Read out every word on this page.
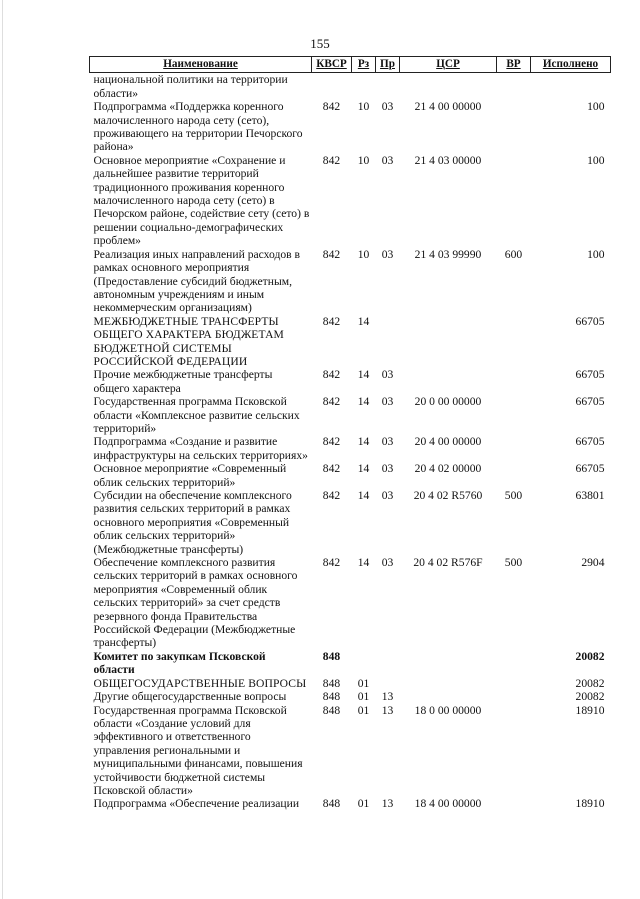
155
Наименование	КВСР	Рз	Пр	ЦСР	ВР	Исполнено
национальной политики на территории области»						
Подпрограмма «Поддержка коренного малочисленного народа сету (сето), проживающего на территории Печорского района»	842	10	03	21 4 00 00000		100
Основное мероприятие «Сохранение и дальнейшее развитие территорий традиционного проживания коренного малочисленного народа сету (сето) в Печорском районе, содействие сету (сето) в решении социально-демографических проблем»	842	10	03	21 4 03 00000		100
Реализация иных направлений расходов в рамках основного мероприятия (Предоставление субсидий бюджетным, автономным учреждениям и иным некоммерческим организациям)	842	10	03	21 4 03 99990	600	100
МЕЖБЮДЖЕТНЫЕ ТРАНСФЕРТЫ ОБЩЕГО ХАРАКТЕРА БЮДЖЕТАМ БЮДЖЕТНОЙ СИСТЕМЫ РОССИЙСКОЙ ФЕДЕРАЦИИ	842	14				66705
Прочие межбюджетные трансферты общего характера	842	14	03			66705
Государственная программа Псковской области «Комплексное развитие сельских территорий»	842	14	03	20 0 00 00000		66705
Подпрограмма «Создание и развитие инфраструктуры на сельских территориях»	842	14	03	20 4 00 00000		66705
Основное мероприятие «Современный облик сельских территорий»	842	14	03	20 4 02 00000		66705
Субсидии на обеспечение комплексного развития сельских территорий в рамках основного мероприятия «Современный облик сельских территорий» (Межбюджетные трансферты)	842	14	03	20 4 02 R5760	500	63801
Обеспечение комплексного развития сельских территорий в рамках основного мероприятия «Современный облик сельских территорий» за счет средств резервного фонда Правительства Российской Федерации (Межбюджетные трансферты)	842	14	03	20 4 02 R576F	500	2904
Комитет по закупкам Псковской области	848					20082
ОБЩЕГОСУДАРСТВЕННЫЕ ВОПРОСЫ	848	01				20082
Другие общегосударственные вопросы	848	01	13			20082
Государственная программа Псковской области «Создание условий для эффективного и ответственного управления региональными и муниципальными финансами, повышения устойчивости бюджетной системы Псковской области»	848	01	13	18 0 00 00000		18910
Подпрограмма «Обеспечение реализации	848	01	13	18 4 00 00000		18910
